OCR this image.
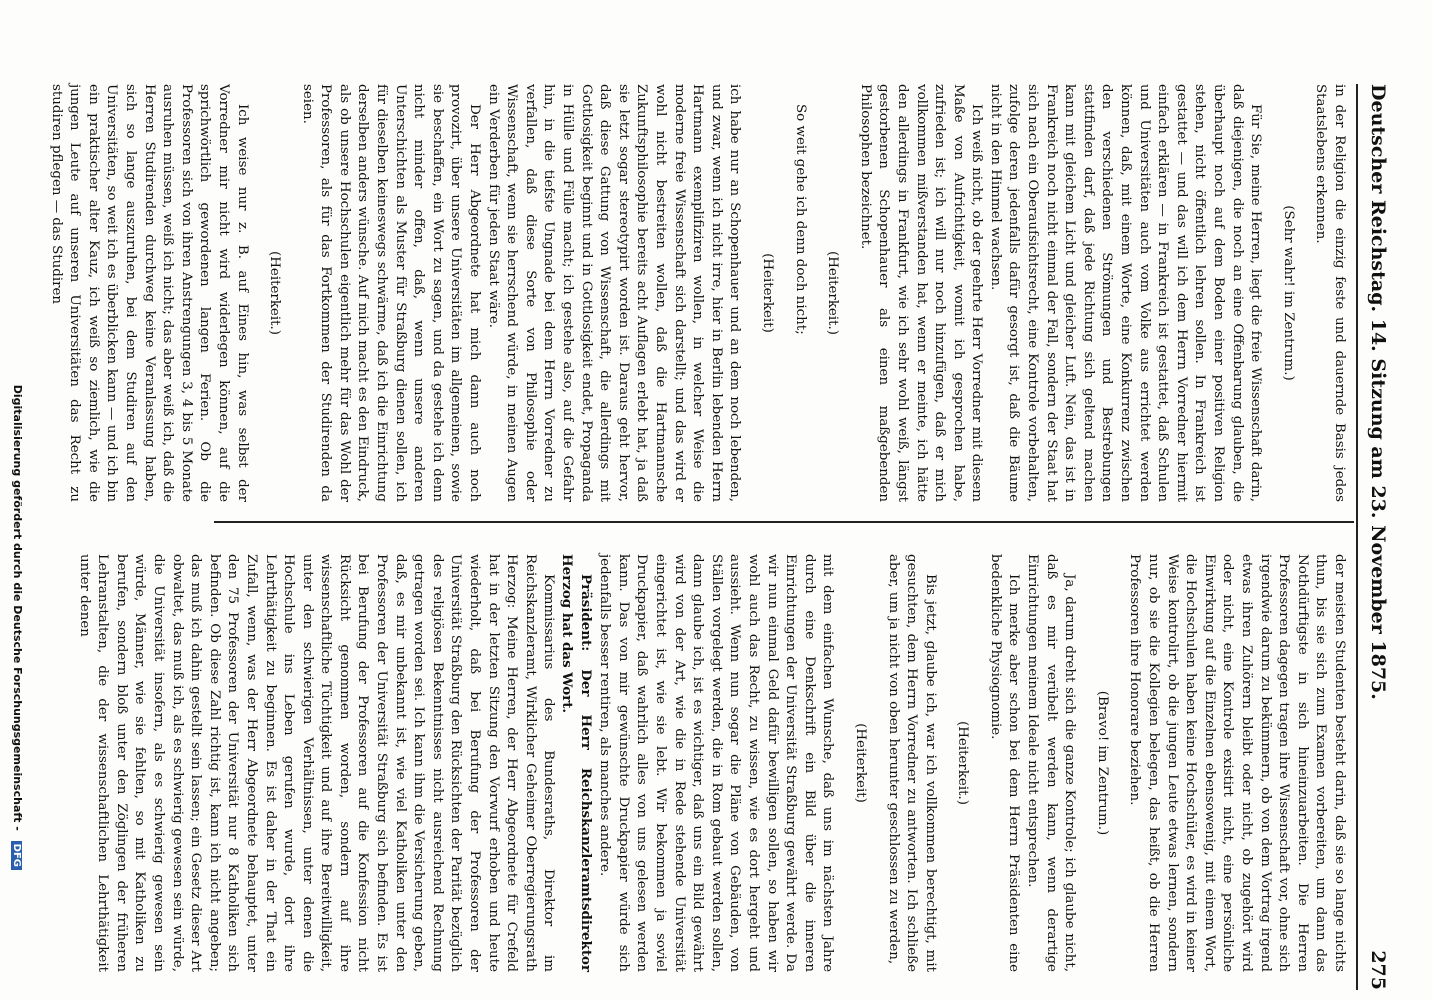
Deutscher Reichstag. 14. Sitzung am 23. November 1875.
275

in der Religion die einzig feste und dauernde Basis jedes Staatslebens erkennen.

(Sehr wahr! im Zentrum.)

Für Sie, meine Herren, liegt die freie Wissenschaft darin, daß diejenigen, die noch an eine Offenbarung glauben, die überhaupt noch auf dem Boden einer positiven Religion stehen, nicht öffentlich lehren sollen. In Frankreich ist gestattet — und das will ich dem Herrn Vorredner hiermit einfach erklären — in Frankreich ist gestattet, daß Schulen und Universitäten auch vom Volke aus errichtet werden können, daß, mit einem Worte, eine Konkurrenz zwischen den verschiedenen Strömungen und Bestrebungen stattfinden darf, daß jede Richtung sich geltend machen kann mit gleichem Licht und gleicher Luft. Nein, das ist in Frankreich noch nicht einmal der Fall, sondern der Staat hat sich nach ein Oberaufsichtsrecht, eine Kontrole vorbehalten, zufolge deren jedenfalls dafür gesorgt ist, daß die Bäume nicht in den Himmel wachsen.

Ich weiß nicht, ob der geehrte Herr Vorredner mit diesem Maße von Aufrichtigkeit, womit ich gesprochen habe, zufrieden ist; ich will nur noch hinzufügen, daß er mich vollkommen mißverstanden hat, wenn er meinte, ich hätte den allerdings in Frankfurt, wie ich sehr wohl weiß, längst gestorbenen Schopenhauer als einen maßgebenden Philosophen bezeichnet.

(Heiterkeit.)

So weit gehe ich denn doch nicht;

(Heiterkeit)

ich habe nur an Schopenhauer und an dem noch lebenden, und zwar, wenn ich nicht irre, hier in Berlin lebenden Herrn Hartmann exemplifiziren wollen, in welcher Weise die moderne freie Wissenschaft sich darstellt; und das wird er wohl nicht bestreiten wollen, daß die Hartmannsche Zukunftsphilosophie bereits acht Auflagen erlebt hat, ja daß sie letzt sogar stereotypirt worden ist. Daraus geht hervor, daß diese Gattung von Wissenschaft, die allerdings mit Gottlosigkeit beginnt und in Gottlosigkeit endet, Propaganda in Hülle und Fülle macht; ich gestehe also, auf die Gefahr hin, in die tiefste Ungnade bei dem Herrn Vorredner zu verfallen, daß diese Sorte von Philosophie oder Wissenschaft, wenn sie herrschend würde, in meinen Augen ein Verderben für jeden Staat wäre.

Der Herr Abgeordnete hat mich dann auch noch provozirt, über unsere Universitäten im allgemeinen, sowie sie beschaffen, ein Wort zu sagen, und da gestehe ich denn nicht minder offen, daß, wenn unsere anderen Unterschichten als Muster für Straßburg dienen sollen, ich für dieselben keineswegs schwärme, daß ich die Einrichtung derselben anders wünsche. Auf mich macht es den Eindruck, als ob unsere Hochschulen eigentlich mehr für das Wohl der Professoren, als für das Fortkommen der Studirenden da seien.

(Heiterkeit.)

Ich weise nur z. B. auf Eines hin, was selbst der Vorredner mir nicht wird widerlegen können, auf die sprichwörtlich gewordenen langen Ferien. Ob die Professoren sich von ihren Anstrengungen 3, 4 bis 5 Monate ausruhen müssen, weiß ich nicht; das aber weiß ich, daß die Herren Studirenden durchweg keine Veranlassung haben, sich so lange auszuruhen, bei dem Studiren auf den Universitäten, so weit ich es überblicken kann — und ich bin ein praktischer alter Kauz, ich weiß so ziemlich, wie die jungen Leute auf unseren Universitäten das Recht zu studiren pflegen — das Studiren

der meisten Studenten besteht darin, daß sie so lange nichts thun, bis sie sich zum Examen vorbereiten, um dann das Nothdürftigste in sich hineinzuarbeiten. Die Herren Professoren dagegen tragen ihre Wissenschaft vor, ohne sich irgendwie darum zu bekümmern, ob von dem Vortrag irgend etwas ihren Zuhörern bleibt oder nicht, ob zugehört wird oder nicht, eine Kontrole existirt nicht, eine persönliche Einwirkung auf die Einzelnen ebensowenig, mit einem Wort, die Hochschulen haben keine Hochschüler, es wird in keiner Weise kontrolirt, ob die jungen Leute etwas lernen, sondern nur, ob sie die Kollegien belegen, das heißt, ob die Herren Professoren ihre Honorare beziehen.

(Bravo! im Zentrum.)

Ja, darum dreht sich die ganze Kontrole; ich glaube nicht, daß es mir verübelt werden kann, wenn derartige Einrichtungen meinem Ideale nicht entsprechen.

Ich merke aber schon bei dem Herrn Präsidenten eine bedenkliche Physiognomie.

(Heiterkeit.)

Bis jetzt, glaube ich, war ich vollkommen berechtigt, mit gesuchten, dem Herrn Vorredner zu antworten. Ich schließe aber, um ja nicht von oben herunter geschlossen zu werden,

(Heiterkeit)

mit dem einfachen Wunsche, daß uns im nächsten Jahre durch eine Denkschrift ein Bild über die inneren Einrichtungen der Universität Straßburg gewährt werde. Da wir nun einmal Geld dafür bewilligen sollen, so haben wir wohl auch das Recht, zu wissen, wie es dort hergeht und aussieht. Wenn nun sogar die Pläne von Gebäuden, von Ställen vorgelegt werden, die in Rom gebaut werden sollen, dann glaube ich, ist es wichtiger, daß uns ein Bild gewährt wird von der Art, wie die in Rede stehende Universität eingerichtet ist, wie sie lebt. Wir bekommen ja soviel Druckpapier, daß wahrlich alles von uns gelesen werden kann. Das von mir gewünschte Druckpapier würde sich jedenfalls besser rentiren, als manches andere.

Präsident: Der Herr Reichskanzleramtsdirektor Herzog hat das Wort.

Kommissarius des Bundesraths, Direktor im Reichskanzleramt, Wirklicher Geheimer Oberregierungsrath Herzog: Meine Herren, der Herr Abgeordnete für Crefeld hat in der letzten Sitzung den Vorwurf erhoben und heute wiederholt, daß bei Berufung der Professoren der Universität Straßburg den Rücksichten der Parität bezüglich des religiösen Bekenntnisses nicht ausreichend Rechnung getragen worden sei. Ich kann ihm die Versicherung geben, daß, es mir unbekannt ist, wie viel Katholiken unter den Professoren der Universität Straßburg sich befinden. Es ist bei Berufung der Professoren auf die Konfession nicht Rücksicht genommen worden, sondern auf ihre wissenschaftliche Tüchtigkeit und auf ihre Bereitwilligkeit, unter den schwierigen Verhältnissen, unter denen die Hochschule ins Leben gerufen wurde, dort ihre Lehrthätigkeit zu beginnen. Es ist daher in der That ein Zufall, wenn, was der Herr Abgeordnete behauptet, unter den 75 Professoren der Universität nur 8 Katholiken sich befinden. Ob diese Zahl richtig ist, kann ich nicht angeben; das muß ich dahin gestellt sein lassen; ein Gesetz dieser Art obwaltet, das muß ich, als es schwierig gewesen sein würde, die Universität insofern, als es schwierig gewesen sein würde, Männer, wie sie fehlten, so mit Katholiken zu berufen, sondern bloß unter den Zöglingen der früheren Lehranstalten, die der wissenschaftlichen Lehrthätigkeit unter denen

Digitalisierung gefördert durch die Deutsche Forschungsgemeinschaft - DFG
